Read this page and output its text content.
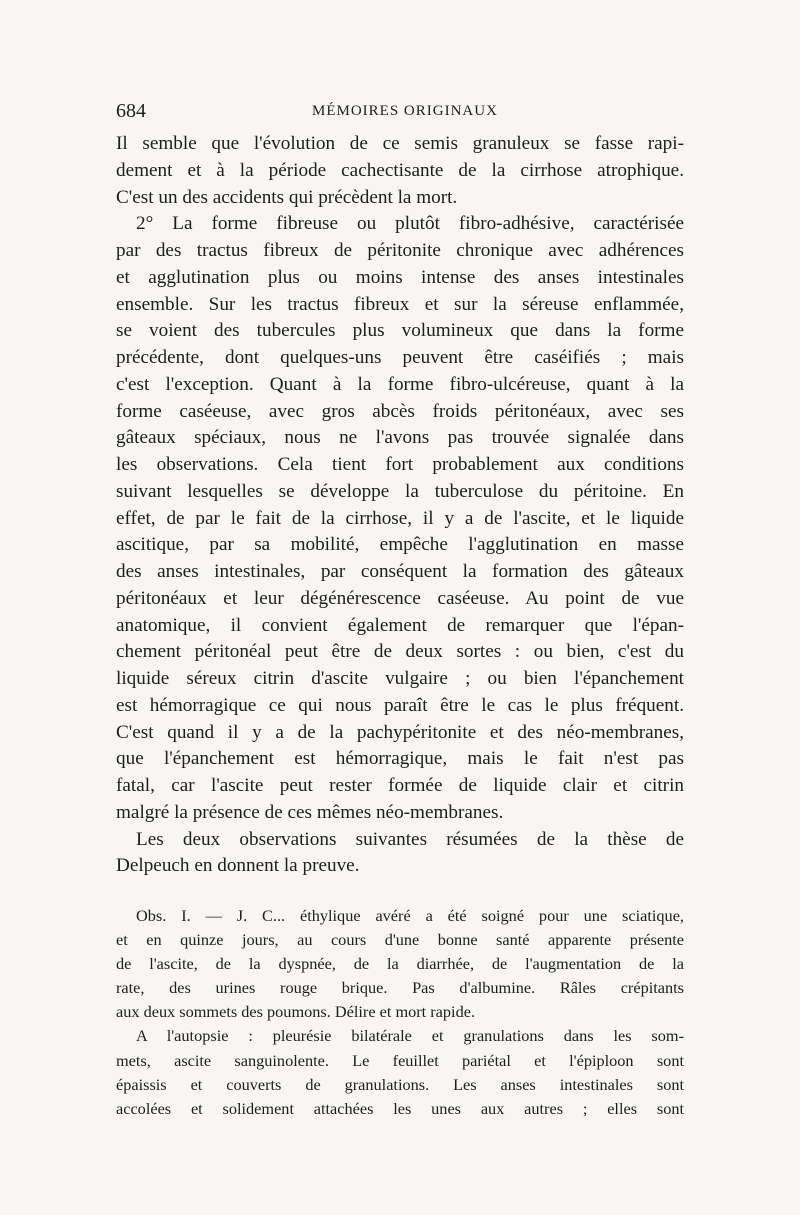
684	MÉMOIRES ORIGINAUX
Il semble que l'évolution de ce semis granuleux se fasse rapi-
dement et à la période cachectisante de la cirrhose atrophique.
C'est un des accidents qui précèdent la mort.
2° La forme fibreuse ou plutôt fibro-adhésive, caractérisée
par des tractus fibreux de péritonite chronique avec adhérences
et agglutination plus ou moins intense des anses intestinales
ensemble. Sur les tractus fibreux et sur la séreuse enflammée,
se voient des tubercules plus volumineux que dans la forme
précédente, dont quelques-uns peuvent être caséifiés ; mais
c'est l'exception. Quant à la forme fibro-ulcéreuse, quant à la
forme caséeuse, avec gros abcès froids péritonéaux, avec ses
gâteaux spéciaux, nous ne l'avons pas trouvée signalée dans
les observations. Cela tient fort probablement aux conditions
suivant lesquelles se développe la tuberculose du péritoine. En
effet, de par le fait de la cirrhose, il y a de l'ascite, et le liquide
ascitique, par sa mobilité, empêche l'agglutination en masse
des anses intestinales, par conséquent la formation des gâteaux
péritonéaux et leur dégénérescence caséeuse. Au point de vue
anatomique, il convient également de remarquer que l'épan-
chement péritonéal peut être de deux sortes : ou bien, c'est du
liquide séreux citrin d'ascite vulgaire ; ou bien l'épanchement
est hémorragique ce qui nous paraît être le cas le plus fréquent.
C'est quand il y a de la pachypéritonite et des néo-membranes,
que l'épanchement est hémorragique, mais le fait n'est pas
fatal, car l'ascite peut rester formée de liquide clair et citrin
malgré la présence de ces mêmes néo-membranes.
Les deux observations suivantes résumées de la thèse de
Delpeuch en donnent la preuve.
Obs. I. — J. C... éthylique avéré a été soigné pour une sciatique,
et en quinze jours, au cours d'une bonne santé apparente présente
de l'ascite, de la dyspnée, de la diarrhée, de l'augmentation de la
rate, des urines rouge brique. Pas d'albumine. Râles crépitants
aux deux sommets des poumons. Délire et mort rapide.
A l'autopsie : pleurésie bilatérale et granulations dans les som-
mets, ascite sanguinolente. Le feuillet pariétal et l'épiploon sont
épaissis et couverts de granulations. Les anses intestinales sont
accolées et solidement attachées les unes aux autres ; elles sont
